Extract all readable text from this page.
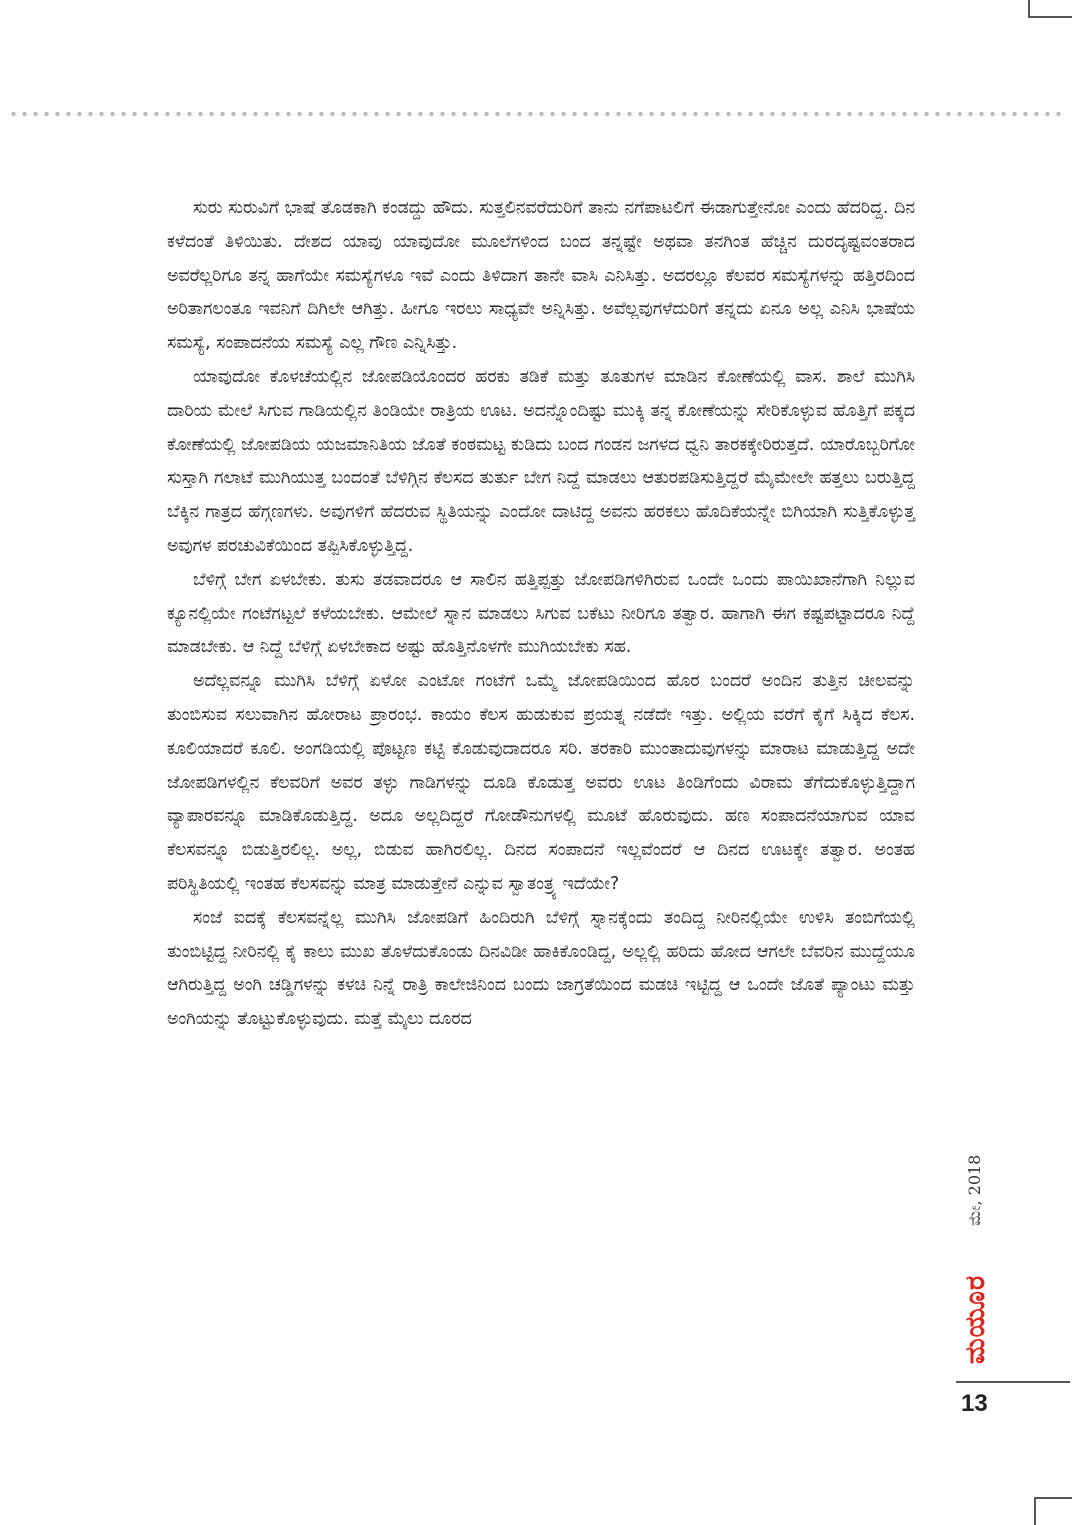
ಸುರು ಸುರುವಿಗೆ ಭಾಷೆ ತೊಡಕಾಗಿ ಕಂಡದ್ದು ಹೌದು. ಸುತ್ತಲಿನವರೆದುರಿಗೆ ತಾನು ನಗೆಪಾಟಲಿಗೆ ಈಡಾಗುತ್ತೇನೋ ಎಂದು ಹೆದರಿದ್ದ. ದಿನ ಕಳೆದಂತೆ ತಿಳಿಯಿತು. ದೇಶದ ಯಾವು ಯಾವುದೋ ಮೂಲೆಗಳಿಂದ ಬಂದ ತನ್ನಷ್ಟೇ ಅಥವಾ ತನಗಿಂತ ಹೆಚ್ಚಿನ ದುರದೃಷ್ಟವಂತರಾದ ಅವರೆಲ್ಲರಿಗೂ ತನ್ನ ಹಾಗೆಯೇ ಸಮಸ್ಯೆಗಳೂ ಇವೆ ಎಂದು ತಿಳಿದಾಗ ತಾನೇ ವಾಸಿ ಎನಿಸಿತ್ತು. ಅದರಲ್ಲೂ ಕೆಲವರ ಸಮಸ್ಯೆಗಳನ್ನು ಹತ್ತಿರದಿಂದ ಅರಿತಾಗಲಂತೂ ಇವನಿಗೆ ದಿಗಿಲೇ ಆಗಿತ್ತು. ಹೀಗೂ ಇರಲು ಸಾಧ್ಯವೇ ಅನ್ನಿಸಿತ್ತು. ಅವೆಲ್ಲವುಗಳೆದುರಿಗೆ ತನ್ನದು ಏನೂ ಅಲ್ಲ ಎನಿಸಿ ಭಾಷೆಯ ಸಮಸ್ಯೆ, ಸಂಪಾದನೆಯ ಸಮಸ್ಯೆ ಎಲ್ಲ ಗೌಣ ಎನ್ನಿಸಿತ್ತು.

ಯಾವುದೋ ಕೊಳಚೆಯಲ್ಲಿನ ಜೋಪಡಿಯೊಂದರ ಹರಕು ತಡಿಕೆ ಮತ್ತು ತೂತುಗಳ ಮಾಡಿನ ಕೋಣೆಯಲ್ಲಿ ವಾಸ. ಶಾಲೆ ಮುಗಿಸಿ ದಾರಿಯ ಮೇಲೆ ಸಿಗುವ ಗಾಡಿಯಲ್ಲಿನ ತಿಂಡಿಯೇ ರಾತ್ರಿಯ ಊಟ. ಅದನ್ನೊಂದಿಷ್ಟು ಮುಕ್ಕಿ ತನ್ನ ಕೋಣೆಯನ್ನು ಸೇರಿಕೊಳ್ಳುವ ಹೊತ್ತಿಗೆ ಪಕ್ಕದ ಕೋಣೆಯಲ್ಲಿ ಜೋಪಡಿಯ ಯಜಮಾನಿತಿಯ ಜೊತೆ ಕಂಠಮಟ್ಟ ಕುಡಿದು ಬಂದ ಗಂಡನ ಜಗಳದ ಧ್ವನಿ ತಾರಕಕ್ಕೇರಿರುತ್ತದೆ. ಯಾರೊಬ್ಬರಿಗೋ ಸುಸ್ತಾಗಿ ಗಲಾಟೆ ಮುಗಿಯುತ್ತ ಬಂದಂತೆ ಬೆಳಿಗ್ಗಿನ ಕೆಲಸದ ತುರ್ತು ಬೇಗ ನಿದ್ದೆ ಮಾಡಲು ಆತುರಪಡಿಸುತ್ತಿದ್ದರೆ ಮೈಮೇಲೇ ಹತ್ತಲು ಬರುತ್ತಿದ್ದ ಬೆಕ್ಕಿನ ಗಾತ್ರದ ಹೆಗ್ಗಣಗಳು. ಅವುಗಳಿಗೆ ಹೆದರುವ ಸ್ಥಿತಿಯನ್ನು ಎಂದೋ ದಾಟಿದ್ದ ಅವನು ಹರಕಲು ಹೊದಿಕೆಯನ್ನೇ ಬಿಗಿಯಾಗಿ ಸುತ್ತಿಕೊಳ್ಳುತ್ತ ಅವುಗಳ ಪರಚುವಿಕೆಯಿಂದ ತಪ್ಪಿಸಿಕೊಳ್ಳುತ್ತಿದ್ದ.

ಬೆಳಿಗ್ಗೆ ಬೇಗ ಏಳಬೇಕು. ತುಸು ತಡವಾದರೂ ಆ ಸಾಲಿನ ಹತ್ತಿಪ್ಪತ್ತು ಜೋಪಡಿಗಳಿಗಿರುವ ಒಂದೇ ಒಂದು ಪಾಯಿಖಾನೆಗಾಗಿ ನಿಲ್ಲುವ ಕ್ಯೂನಲ್ಲಿಯೇ ಗಂಟೆಗಟ್ಟಲೆ ಕಳೆಯಬೇಕು. ಆಮೇಲೆ ಸ್ನಾನ ಮಾಡಲು ಸಿಗುವ ಬಕೆಟು ನೀರಿಗೂ ತತ್ವಾರ. ಹಾಗಾಗಿ ಈಗ ಕಷ್ಟಪಟ್ಟಾದರೂ ನಿದ್ದೆ ಮಾಡಬೇಕು. ಆ ನಿದ್ದೆ ಬೆಳಿಗ್ಗೆ ಏಳಬೇಕಾದ ಅಷ್ಟು ಹೊತ್ತಿನೊಳಗೇ ಮುಗಿಯಬೇಕು ಸಹ.

ಅದೆಲ್ಲವನ್ನೂ ಮುಗಿಸಿ ಬೆಳಿಗ್ಗೆ ಏಳೋ ಎಂಟೋ ಗಂಟೆಗೆ ಒಮ್ಮೆ ಜೋಪಡಿಯಿಂದ ಹೊರ ಬಂದರೆ ಅಂದಿನ ತುತ್ತಿನ ಚೀಲವನ್ನು ತುಂಬಿಸುವ ಸಲುವಾಗಿನ ಹೋರಾಟ ಪ್ರಾರಂಭ. ಕಾಯಂ ಕೆಲಸ ಹುಡುಕುವ ಪ್ರಯತ್ನ ನಡೆದೇ ಇತ್ತು. ಅಲ್ಲಿಯ ವರೆಗೆ ಕೈಗೆ ಸಿಕ್ಕಿದ ಕೆಲಸ. ಕೂಲಿಯಾದರೆ ಕೂಲಿ. ಅಂಗಡಿಯಲ್ಲಿ ಪೊಟ್ಟಣ ಕಟ್ಟಿ ಕೊಡುವುದಾದರೂ ಸರಿ. ತರಕಾರಿ ಮುಂತಾದುವುಗಳನ್ನು ಮಾರಾಟ ಮಾಡುತ್ತಿದ್ದ ಅದೇ ಜೋಪಡಿಗಳಲ್ಲಿನ ಕೆಲವರಿಗೆ ಅವರ ತಳ್ಳು ಗಾಡಿಗಳನ್ನು ದೂಡಿ ಕೊಡುತ್ತ ಅವರು ಊಟ ತಿಂಡಿಗೆಂದು ವಿರಾಮ ತೆಗೆದುಕೊಳ್ಳುತ್ತಿದ್ದಾಗ ವ್ಯಾಪಾರವನ್ನೂ ಮಾಡಿಕೊಡುತ್ತಿದ್ದ. ಅದೂ ಅಲ್ಲದಿದ್ದರೆ ಗೋಡೌನುಗಳಲ್ಲಿ ಮೂಟೆ ಹೊರುವುದು. ಹಣ ಸಂಪಾದನೆಯಾಗುವ ಯಾವ ಕೆಲಸವನ್ನೂ ಬಿಡುತ್ತಿರಲಿಲ್ಲ. ಅಲ್ಲ, ಬಿಡುವ ಹಾಗಿರಲಿಲ್ಲ. ದಿನದ ಸಂಪಾದನೆ ಇಲ್ಲವೆಂದರೆ ಆ ದಿನದ ಊಟಕ್ಕೇ ತತ್ವಾರ. ಅಂತಹ ಪರಿಸ್ಥಿತಿಯಲ್ಲಿ ಇಂತಹ ಕೆಲಸವನ್ನು ಮಾತ್ರ ಮಾಡುತ್ತೇನೆ ಎನ್ನುವ ಸ್ವಾತಂತ್ರ್ಯ ಇದೆಯೇ?

ಸಂಜೆ ಐದಕ್ಕೆ ಕೆಲಸವನ್ನೆಲ್ಲ ಮುಗಿಸಿ ಜೋಪಡಿಗೆ ಹಿಂದಿರುಗಿ ಬೆಳಿಗ್ಗೆ ಸ್ನಾನಕ್ಕೆಂದು ತಂದಿದ್ದ ನೀರಿನಲ್ಲಿಯೇ ಉಳಿಸಿ ತಂಬಿಗೆಯಲ್ಲಿ ತುಂಬಿಟ್ಟಿದ್ದ ನೀರಿನಲ್ಲಿ ಕೈ ಕಾಲು ಮುಖ ತೊಳೆದುಕೊಂಡು ದಿನವಿಡೀ ಹಾಕಿಕೊಂಡಿದ್ದ, ಅಲ್ಲಲ್ಲಿ ಹರಿದು ಹೋದ ಆಗಲೇ ಬೆವರಿನ ಮುದ್ದೆಯೂ ಆಗಿರುತ್ತಿದ್ದ ಅಂಗಿ ಚಡ್ಡಿಗಳನ್ನು ಕಳಚಿ ನಿನ್ನೆ ರಾತ್ರಿ ಕಾಲೇಜಿನಿಂದ ಬಂದು ಜಾಗ್ರತೆಯಿಂದ ಮಡಚಿ ಇಟ್ಟಿದ್ದ ಆ ಒಂದೇ ಜೊತೆ ಪ್ಯಾಂಟು ಮತ್ತು ಅಂಗಿಯನ್ನು ತೊಟ್ಟುಕೊಳ್ಳುವುದು. ಮತ್ತೆ ಮೈಲು ದೂರದ

ಮೇ, 2018
ಮಯೂರ
13
